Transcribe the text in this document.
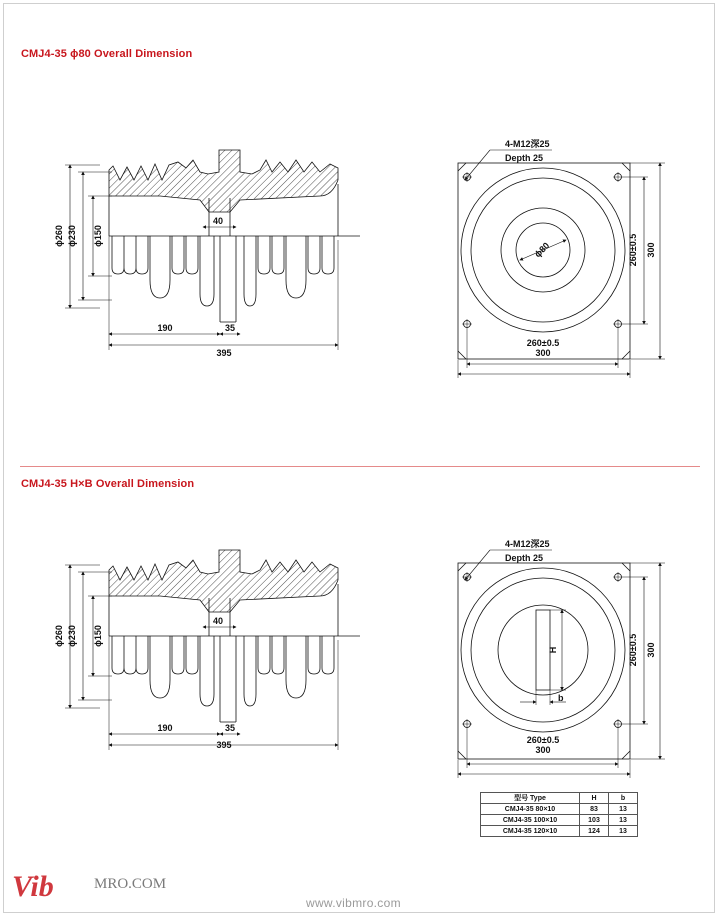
CMJ4-35 ϕ80 Overall Dimension
CMJ4-35 H×B Overall Dimension
ϕ260 ϕ230 ϕ150
40
190	35
395
4-M12深25
Depth 25
260±0.5 300
260±0.5
300
ϕ80
ϕ260 ϕ230 ϕ150
40
190	35
395
4-M12深25
Depth 25
260±0.5 300
260±0.5
300
H
b
型号 Type	H	b
CMJ4-35 80×10	83	13
CMJ4-35 100×10	103	13
CMJ4-35 120×10	124	13
Vib	MRO.COM
www.vibmro.com
